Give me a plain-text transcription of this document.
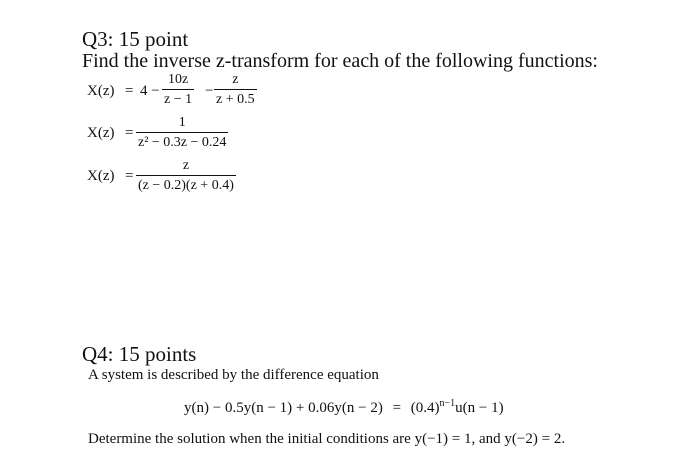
Q3: 15 point
Find the inverse z-transform for each of the following functions:
X(z) = 4 −
10z
z − 1
−
z
z + 0.5
X(z) =
1
z² − 0.3z − 0.24
X(z) =
z
(z − 0.2)(z + 0.4)
Q4: 15 points
A system is described by the difference equation
$y(n) - 0.5y(n - 1) + 0.06y(n - 2) = (0.4)^{n-1}u(n - 1)$
Determine the solution when the initial conditions are y(−1) = 1, and y(−2) = 2.
